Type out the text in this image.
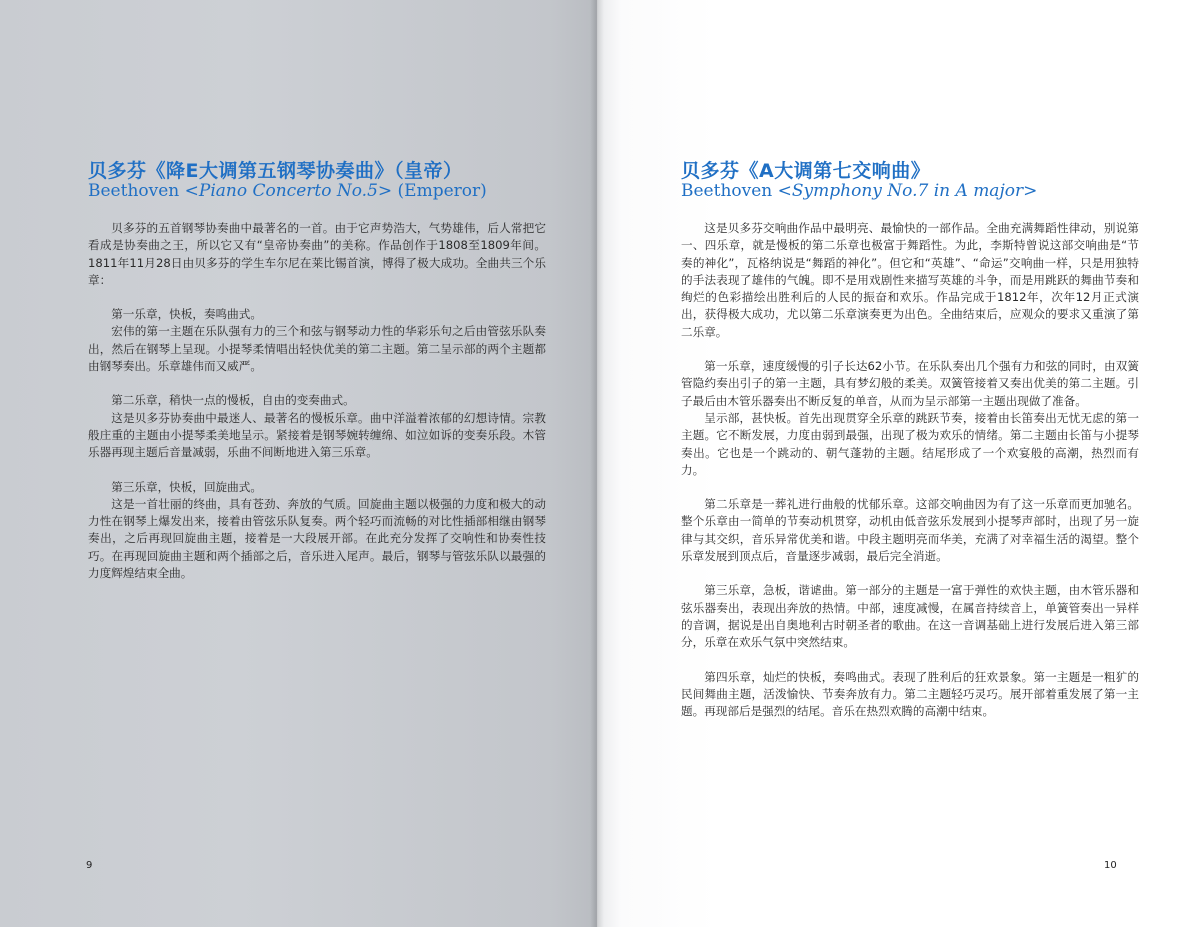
贝多芬《降E大调第五钢琴协奏曲》（皇帝）
Beethoven <Piano Concerto No.5> (Emperor)

贝多芬的五首钢琴协奏曲中最著名的一首。由于它声势浩大，气势雄伟，后人常把它看成是协奏曲之王，所以它又有“皇帝协奏曲”的美称。作品创作于1808至1809年间。1811年11月28日由贝多芬的学生车尔尼在莱比锡首演，博得了极大成功。全曲共三个乐章：

第一乐章，快板，奏鸣曲式。

宏伟的第一主题在乐队强有力的三个和弦与钢琴动力性的华彩乐句之后由管弦乐队奏出，然后在钢琴上呈现。小提琴柔情唱出轻快优美的第二主题。第二呈示部的两个主题都由钢琴奏出。乐章雄伟而又威严。

第二乐章，稍快一点的慢板，自由的变奏曲式。

这是贝多芬协奏曲中最迷人、最著名的慢板乐章。曲中洋溢着浓郁的幻想诗情。宗教般庄重的主题由小提琴柔美地呈示。紧接着是钢琴婉转缠绵、如泣如诉的变奏乐段。木管乐器再现主题后音量减弱，乐曲不间断地进入第三乐章。

第三乐章，快板，回旋曲式。

这是一首壮丽的终曲，具有苍劲、奔放的气质。回旋曲主题以极强的力度和极大的动力性在钢琴上爆发出来，接着由管弦乐队复奏。两个轻巧而流畅的对比性插部相继由钢琴奏出，之后再现回旋曲主题，接着是一大段展开部。在此充分发挥了交响性和协奏性技巧。在再现回旋曲主题和两个插部之后，音乐进入尾声。最后，钢琴与管弦乐队以最强的力度辉煌结束全曲。

9
贝多芬《A大调第七交响曲》
Beethoven <Symphony No.7 in A major>

这是贝多芬交响曲作品中最明亮、最愉快的一部作品。全曲充满舞蹈性律动，别说第一、四乐章，就是慢板的第二乐章也极富于舞蹈性。为此，李斯特曾说这部交响曲是“节奏的神化”，瓦格纳说是“舞蹈的神化”。但它和“英雄”、“命运”交响曲一样，只是用独特的手法表现了雄伟的气魄。即不是用戏剧性来描写英雄的斗争，而是用跳跃的舞曲节奏和绚烂的色彩描绘出胜利后的人民的振奋和欢乐。作品完成于1812年，次年12月正式演出，获得极大成功，尤以第二乐章演奏更为出色。全曲结束后，应观众的要求又重演了第二乐章。

第一乐章，速度缓慢的引子长达62小节。在乐队奏出几个强有力和弦的同时，由双簧管隐约奏出引子的第一主题，具有梦幻般的柔美。双簧管接着又奏出优美的第二主题。引子最后由木管乐器奏出不断反复的单音，从而为呈示部第一主题出现做了准备。

呈示部，甚快板。首先出现贯穿全乐章的跳跃节奏，接着由长笛奏出无忧无虑的第一主题。它不断发展，力度由弱到最强，出现了极为欢乐的情绪。第二主题由长笛与小提琴奏出。它也是一个跳动的、朝气蓬勃的主题。结尾形成了一个欢宴般的高潮，热烈而有力。

第二乐章是一葬礼进行曲般的忧郁乐章。这部交响曲因为有了这一乐章而更加驰名。整个乐章由一简单的节奏动机贯穿，动机由低音弦乐发展到小提琴声部时，出现了另一旋律与其交织，音乐异常优美和谐。中段主题明亮而华美，充满了对幸福生活的渴望。整个乐章发展到顶点后，音量逐步减弱，最后完全消逝。

第三乐章，急板，谐谑曲。第一部分的主题是一富于弹性的欢快主题，由木管乐器和弦乐器奏出，表现出奔放的热情。中部，速度减慢，在属音持续音上，单簧管奏出一异样的音调，据说是出自奥地利古时朝圣者的歌曲。在这一音调基础上进行发展后进入第三部分，乐章在欢乐气氛中突然结束。

第四乐章，灿烂的快板，奏鸣曲式。表现了胜利后的狂欢景象。第一主题是一粗犷的民间舞曲主题，活泼愉快、节奏奔放有力。第二主题轻巧灵巧。展开部着重发展了第一主题。再现部后是强烈的结尾。音乐在热烈欢腾的高潮中结束。

10
